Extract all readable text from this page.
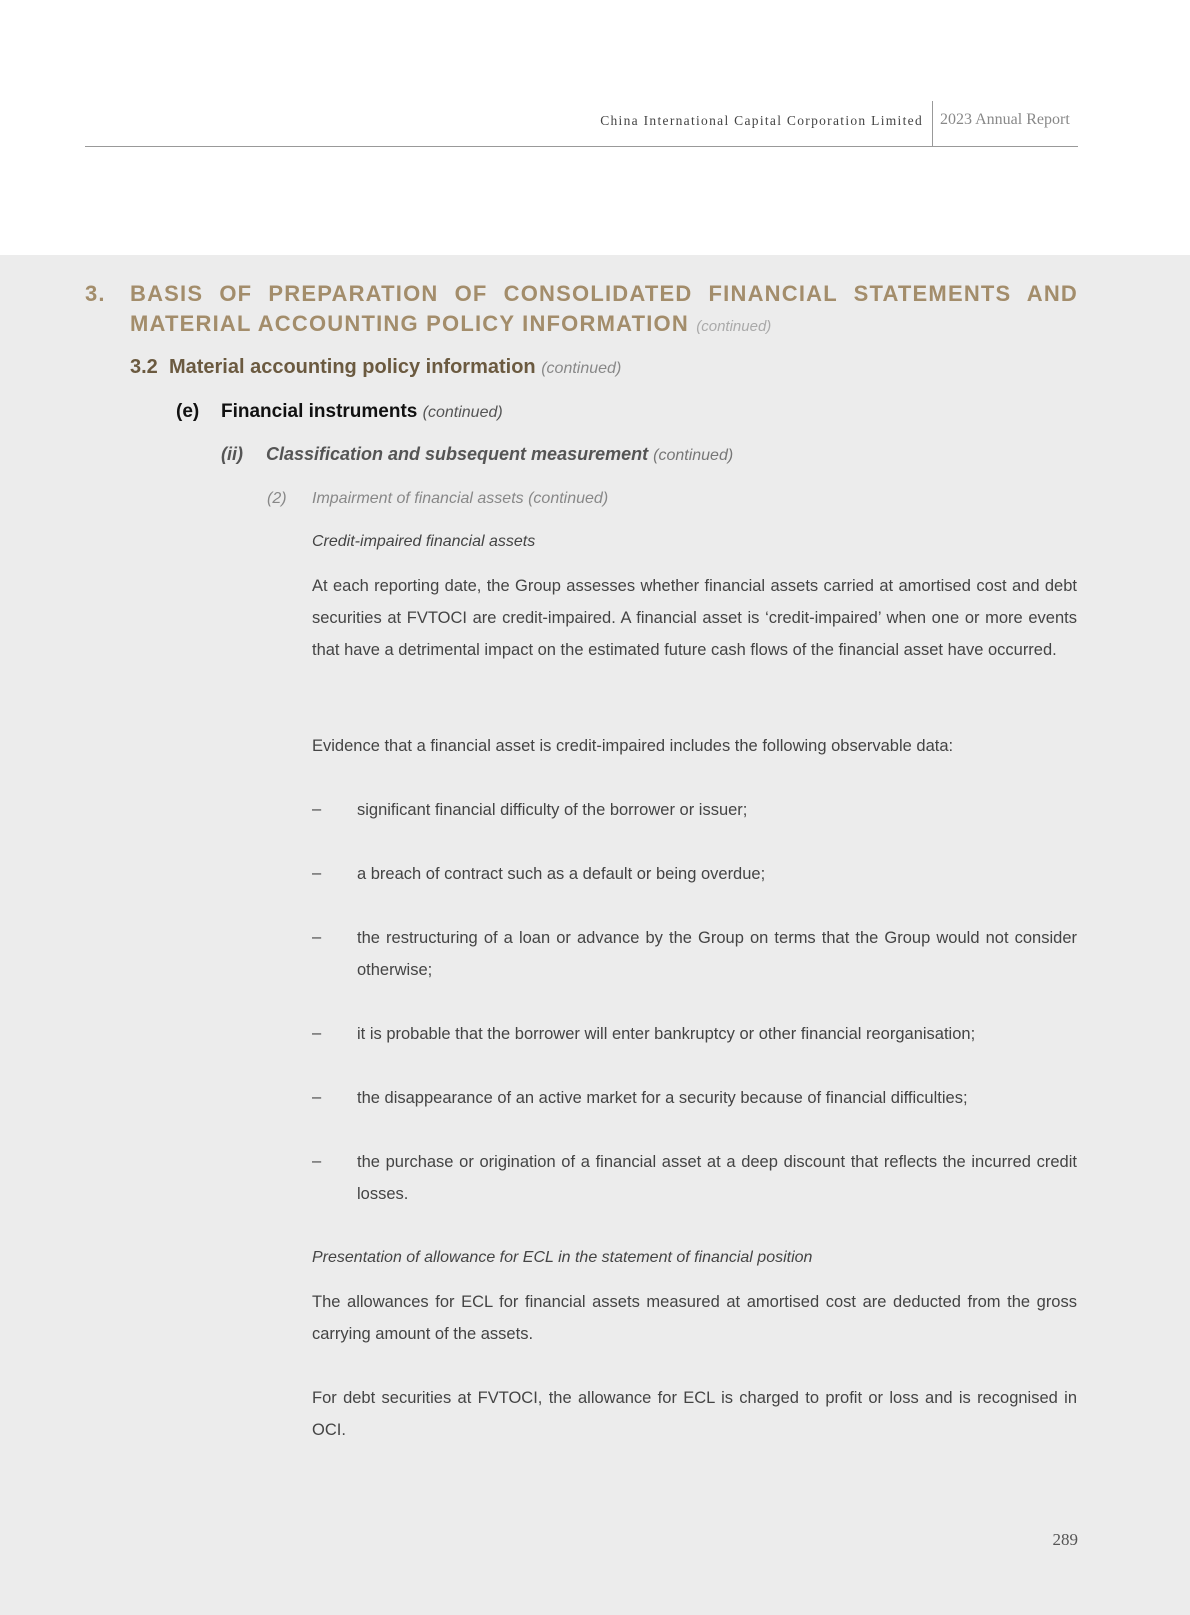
China International Capital Corporation Limited 2023 Annual Report
3. BASIS OF PREPARATION OF CONSOLIDATED FINANCIAL STATEMENTS AND
MATERIAL ACCOUNTING POLICY INFORMATION (continued)
3.2 Material accounting policy information (continued)
(e) Financial instruments (continued)
(ii) Classification and subsequent measurement (continued)
(2) Impairment of financial assets (continued)
Credit-impaired financial assets
At each reporting date, the Group assesses whether financial assets carried at amortised cost and debt securities at FVTOCI are credit-impaired. A financial asset is ‘credit-impaired’ when one or more events that have a detrimental impact on the estimated future cash flows of the financial asset have occurred.
Evidence that a financial asset is credit-impaired includes the following observable data:
– significant financial difficulty of the borrower or issuer;
– a breach of contract such as a default or being overdue;
– the restructuring of a loan or advance by the Group on terms that the Group would not consider otherwise;
– it is probable that the borrower will enter bankruptcy or other financial reorganisation;
– the disappearance of an active market for a security because of financial difficulties;
– the purchase or origination of a financial asset at a deep discount that reflects the incurred credit losses.
Presentation of allowance for ECL in the statement of financial position
The allowances for ECL for financial assets measured at amortised cost are deducted from the gross carrying amount of the assets.
For debt securities at FVTOCI, the allowance for ECL is charged to profit or loss and is recognised in OCI.
289
